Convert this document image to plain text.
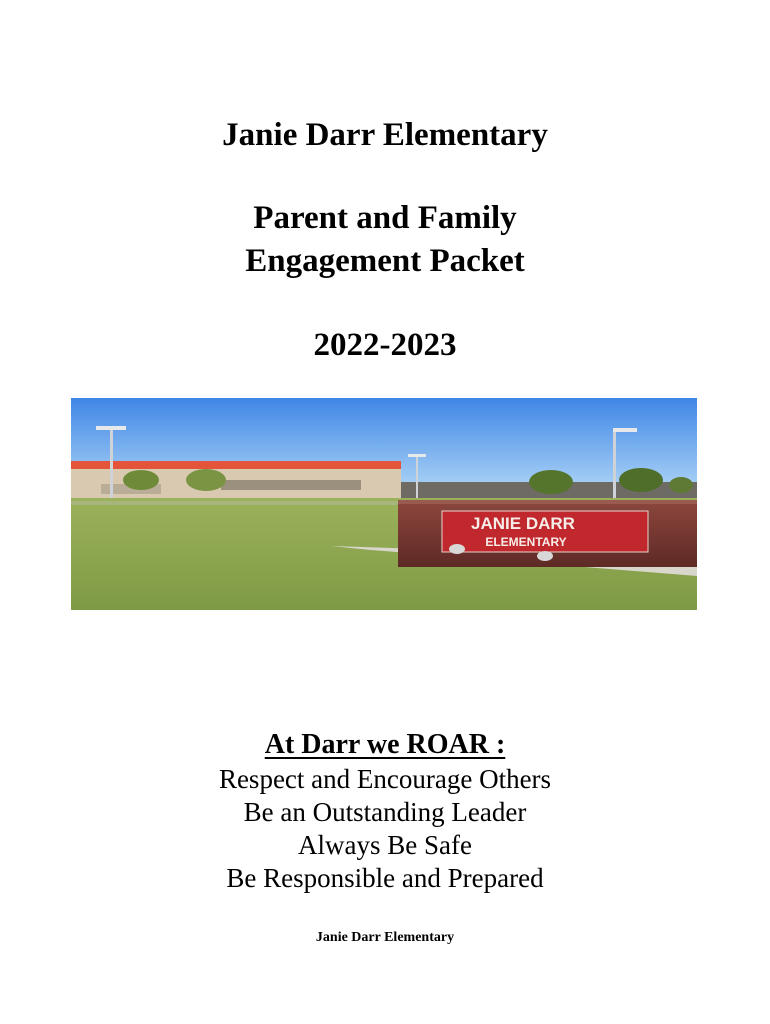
Janie Darr Elementary
Parent and Family
Engagement Packet
2022-2023
JANIE DARR
ELEMENTARY
At Darr we ROAR :
Respect and Encourage Others
Be an Outstanding Leader
Always Be Safe
Be Responsible and Prepared
Janie Darr Elementary
